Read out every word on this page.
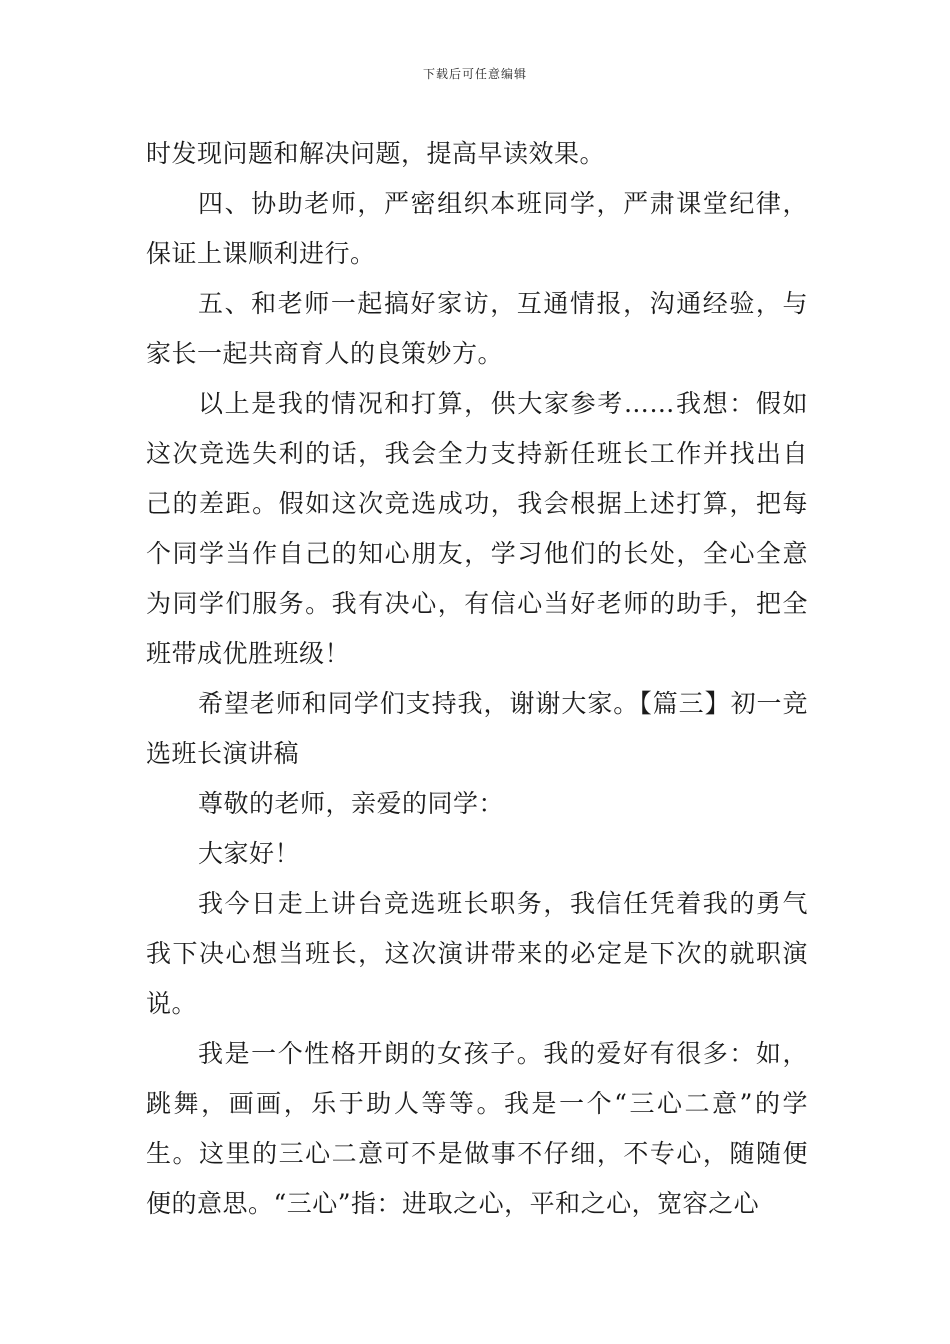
下载后可任意编辑

时发现问题和解决问题，提高早读效果。

四、协助老师，严密组织本班同学，严肃课堂纪律，保证上课顺利进行。

五、和老师一起搞好家访，互通情报，沟通经验，与家长一起共商育人的良策妙方。

以上是我的情况和打算，供大家参考……我想：假如这次竞选失利的话，我会全力支持新任班长工作并找出自己的差距。假如这次竞选成功，我会根据上述打算，把每个同学当作自己的知心朋友，学习他们的长处，全心全意为同学们服务。我有决心，有信心当好老师的助手，把全班带成优胜班级！

希望老师和同学们支持我，谢谢大家。【篇三】初一竞选班长演讲稿

尊敬的老师，亲爱的同学：

大家好！

我今日走上讲台竞选班长职务，我信任凭着我的勇气我下决心想当班长，这次演讲带来的必定是下次的就职演说。

我是一个性格开朗的女孩子。我的爱好有很多：如，跳舞，画画，乐于助人等等。我是一个“三心二意”的学生。这里的三心二意可不是做事不仔细，不专心，随随便便的意思。“三心”指：进取之心，平和之心，宽容之心
